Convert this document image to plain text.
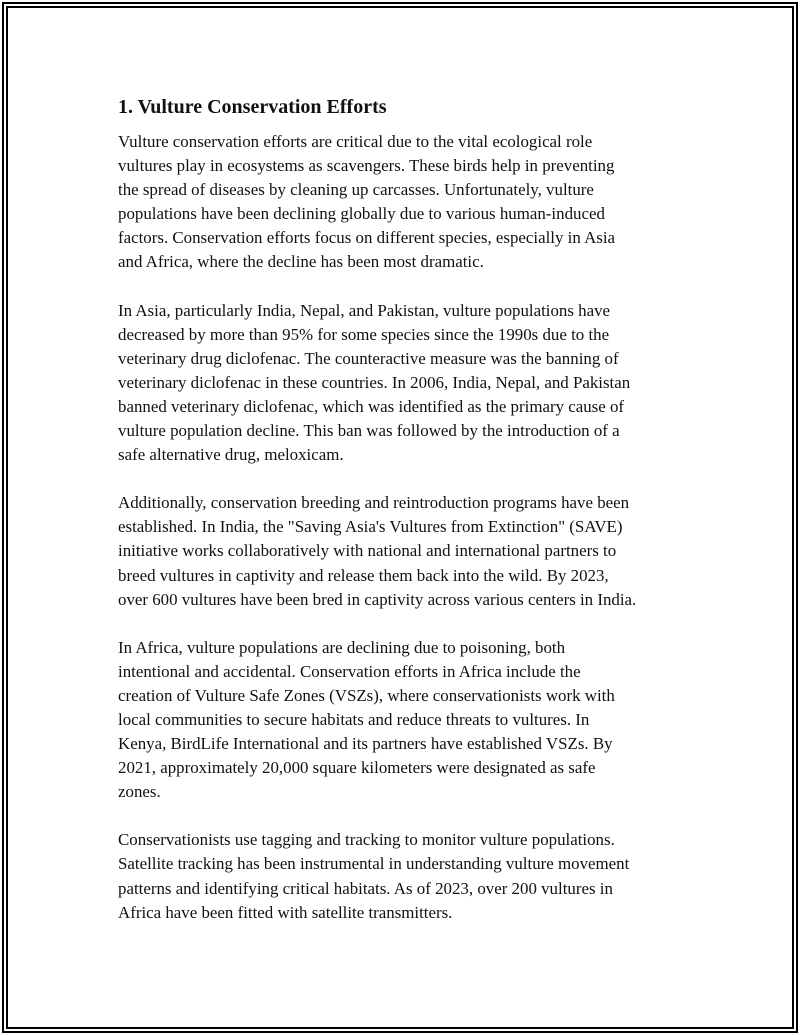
1. Vulture Conservation Efforts

Vulture conservation efforts are critical due to the vital ecological role
vultures play in ecosystems as scavengers. These birds help in preventing
the spread of diseases by cleaning up carcasses. Unfortunately, vulture
populations have been declining globally due to various human-induced
factors. Conservation efforts focus on different species, especially in Asia
and Africa, where the decline has been most dramatic.

In Asia, particularly India, Nepal, and Pakistan, vulture populations have
decreased by more than 95% for some species since the 1990s due to the
veterinary drug diclofenac. The counteractive measure was the banning of
veterinary diclofenac in these countries. In 2006, India, Nepal, and Pakistan
banned veterinary diclofenac, which was identified as the primary cause of
vulture population decline. This ban was followed by the introduction of a
safe alternative drug, meloxicam.

Additionally, conservation breeding and reintroduction programs have been
established. In India, the "Saving Asia's Vultures from Extinction" (SAVE)
initiative works collaboratively with national and international partners to
breed vultures in captivity and release them back into the wild. By 2023,
over 600 vultures have been bred in captivity across various centers in India.

In Africa, vulture populations are declining due to poisoning, both
intentional and accidental. Conservation efforts in Africa include the
creation of Vulture Safe Zones (VSZs), where conservationists work with
local communities to secure habitats and reduce threats to vultures. In
Kenya, BirdLife International and its partners have established VSZs. By
2021, approximately 20,000 square kilometers were designated as safe
zones.

Conservationists use tagging and tracking to monitor vulture populations.
Satellite tracking has been instrumental in understanding vulture movement
patterns and identifying critical habitats. As of 2023, over 200 vultures in
Africa have been fitted with satellite transmitters.
